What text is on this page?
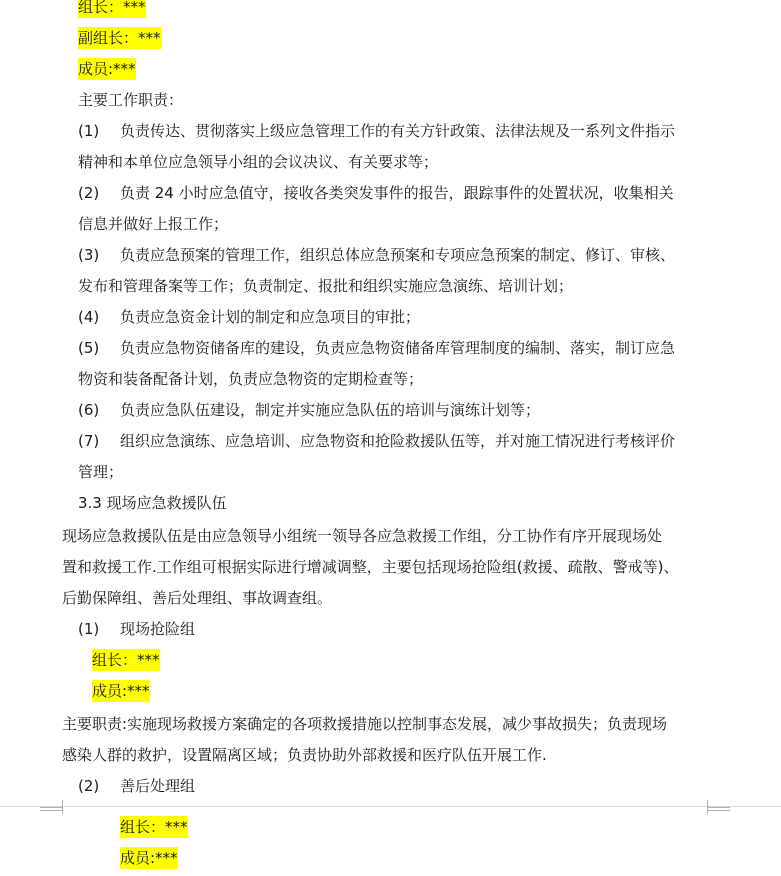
组长：***
副组长：***
成员:***
主要工作职责：
(1) 负责传达、贯彻落实上级应急管理工作的有关方针政策、法律法规及一系列文件指示
精神和本单位应急领导小组的会议决议、有关要求等；
(2) 负责 24 小时应急值守，接收各类突发事件的报告，跟踪事件的处置状况，收集相关
信息并做好上报工作；
(3) 负责应急预案的管理工作，组织总体应急预案和专项应急预案的制定、修订、审核、
发布和管理备案等工作；负责制定、报批和组织实施应急演练、培训计划；
(4) 负责应急资金计划的制定和应急项目的审批；
(5) 负责应急物资储备库的建设，负责应急物资储备库管理制度的编制、落实，制订应急
物资和装备配备计划，负责应急物资的定期检查等；
(6) 负责应急队伍建设，制定并实施应急队伍的培训与演练计划等；
(7) 组织应急演练、应急培训、应急物资和抢险救援队伍等，并对施工情况进行考核评价
管理；
3.3 现场应急救援队伍
现场应急救援队伍是由应急领导小组统一领导各应急救援工作组，分工协作有序开展现场处
置和救援工作.工作组可根据实际进行增减调整，主要包括现场抢险组(救援、疏散、警戒等)、
后勤保障组、善后处理组、事故调查组。
(1) 现场抢险组
组长：***
成员:***
主要职责:实施现场救援方案确定的各项救援措施以控制事态发展，减少事故损失；负责现场
感染人群的救护，设置隔离区域；负责协助外部救援和医疗队伍开展工作.
(2) 善后处理组
组长：***
成员:***
